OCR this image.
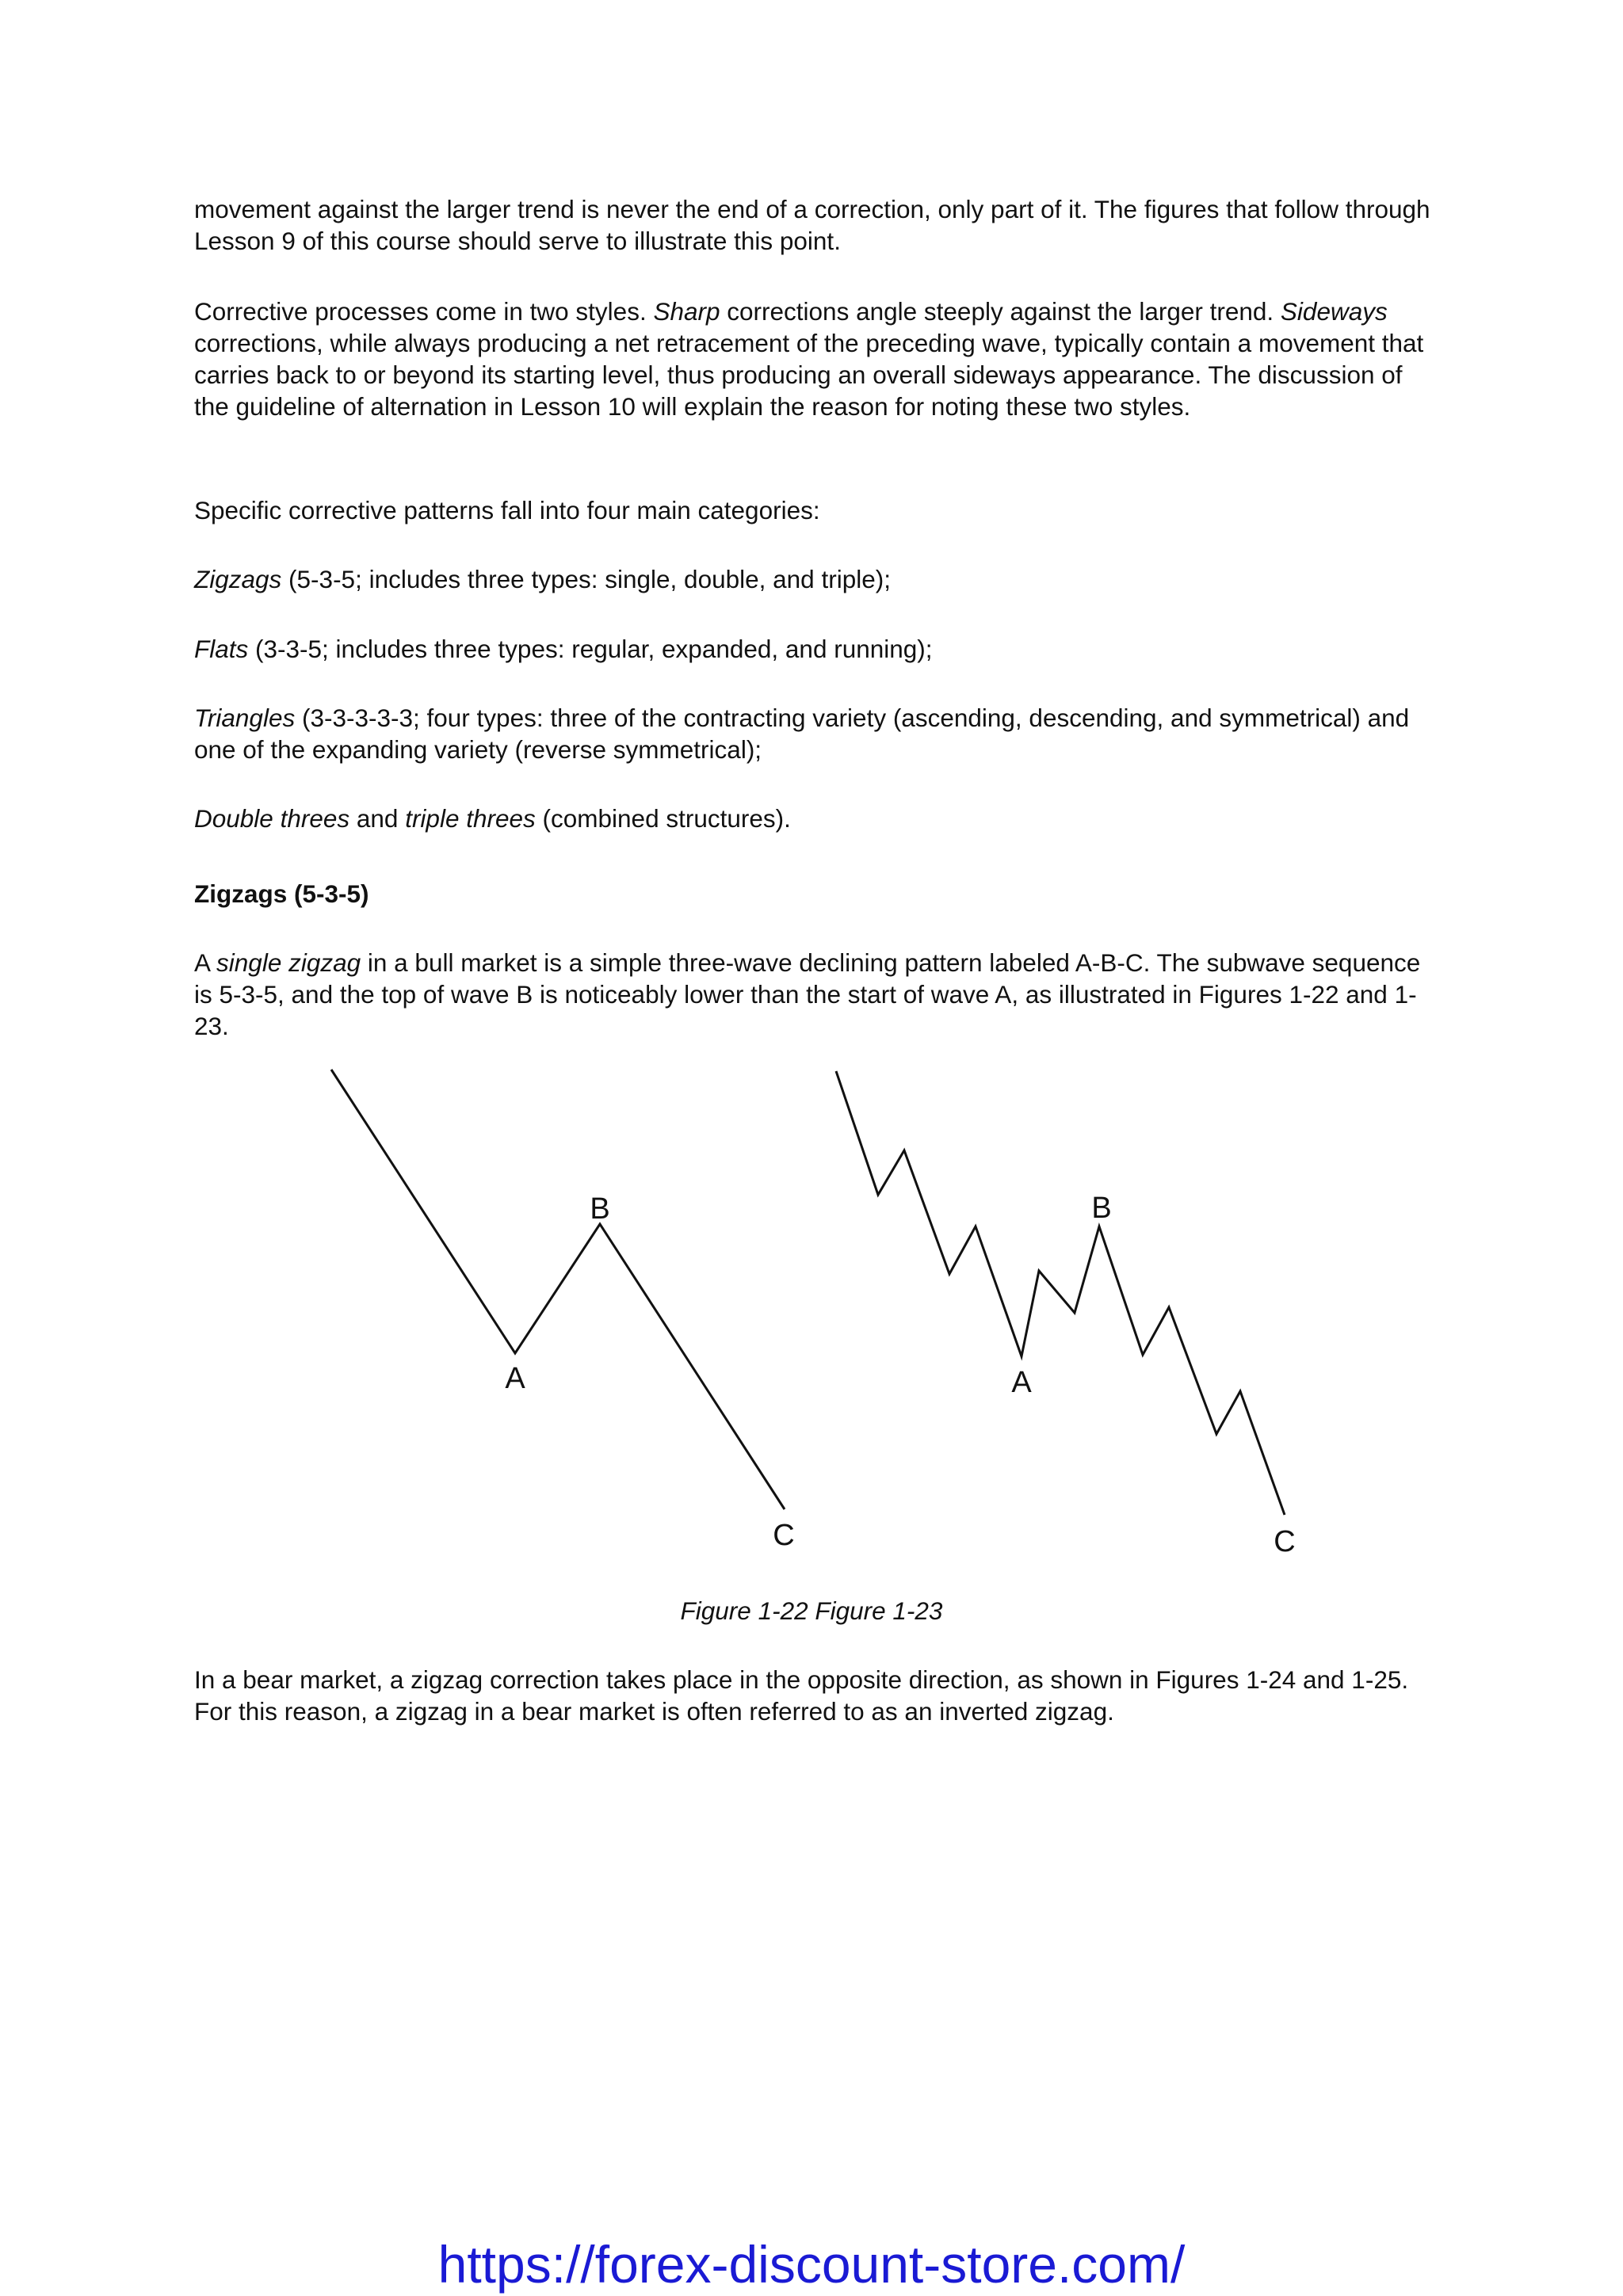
movement against the larger trend is never the end of a correction, only part of it. The figures that follow through Lesson 9 of this course should serve to illustrate this point.

Corrective processes come in two styles. Sharp corrections angle steeply against the larger trend. Sideways corrections, while always producing a net retracement of the preceding wave, typically contain a movement that carries back to or beyond its starting level, thus producing an overall sideways appearance. The discussion of the guideline of alternation in Lesson 10 will explain the reason for noting these two styles.

Specific corrective patterns fall into four main categories:

Zigzags (5-3-5; includes three types: single, double, and triple);

Flats (3-3-5; includes three types: regular, expanded, and running);

Triangles (3-3-3-3-3; four types: three of the contracting variety (ascending, descending, and symmetrical) and one of the expanding variety (reverse symmetrical);

Double threes and triple threes (combined structures).

Zigzags (5-3-5)

A single zigzag in a bull market is a simple three-wave declining pattern labeled A-B-C. The subwave sequence is 5-3-5, and the top of wave B is noticeably lower than the start of wave A, as illustrated in Figures 1-22 and 1-23.

B
A
C
B
A
C

Figure 1-22 Figure 1-23

In a bear market, a zigzag correction takes place in the opposite direction, as shown in Figures 1-24 and 1-25. For this reason, a zigzag in a bear market is often referred to as an inverted zigzag.

https://forex-discount-store.com/
